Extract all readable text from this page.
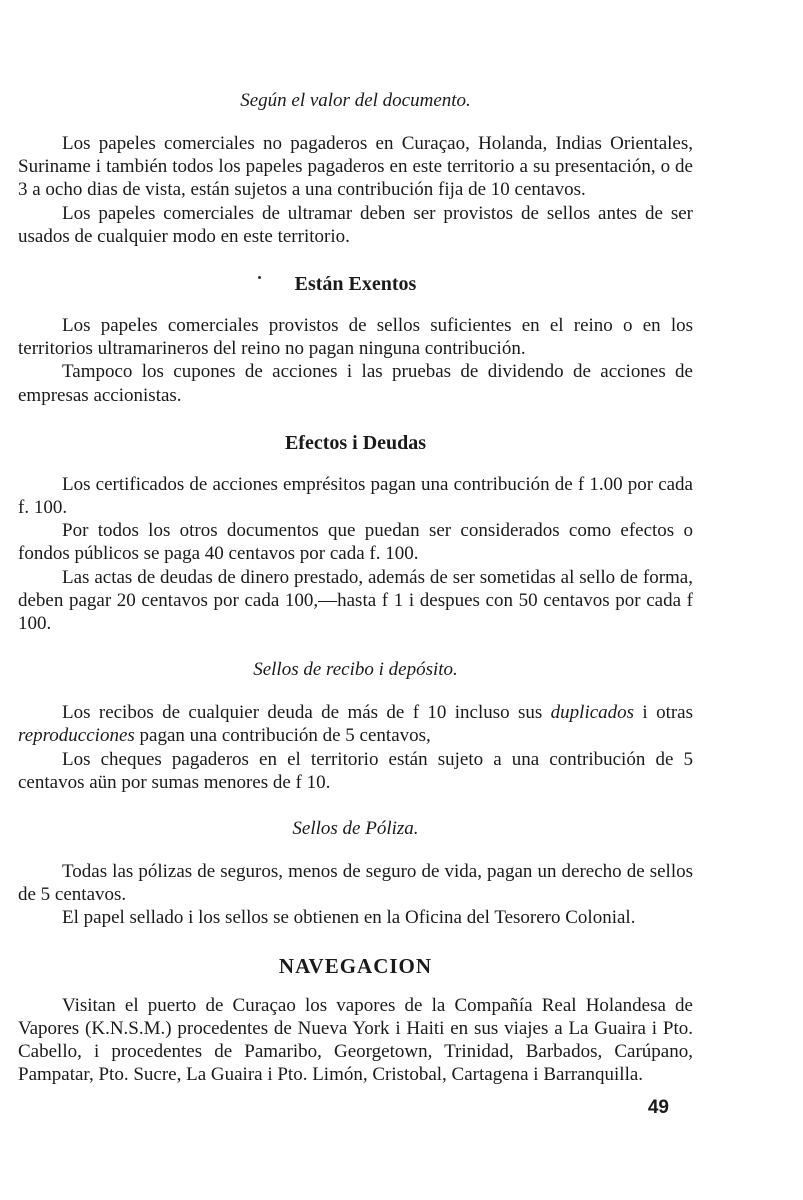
Según el valor del documento.

Los papeles comerciales no pagaderos en Curaçao, Holanda, Indias Orientales, Suriname i también todos los papeles pagaderos en este territorio a su presentación, o de 3 a ocho dias de vista, están sujetos a una contribución fija de 10 centavos.

Los papeles comerciales de ultramar deben ser provistos de sellos antes de ser usados de cualquier modo en este territorio.

Están Exentos

Los papeles comerciales provistos de sellos suficientes en el reino o en los territorios ultramarineros del reino no pagan ninguna contribución.

Tampoco los cupones de acciones i las pruebas de dividendo de acciones de empresas accionistas.

Efectos i Deudas

Los certificados de acciones emprésitos pagan una contribución de f 1.00 por cada f. 100.

Por todos los otros documentos que puedan ser considerados como efectos o fondos públicos se paga 40 centavos por cada f. 100.

Las actas de deudas de dinero prestado, además de ser sometidas al sello de forma, deben pagar 20 centavos por cada 100,—hasta f 1 i despues con 50 centavos por cada f 100.

Sellos de recibo i depósito.

Los recibos de cualquier deuda de más de f 10 incluso sus duplicados i otras reproducciones pagan una contribución de 5 centavos,

Los cheques pagaderos en el territorio están sujeto a una contribución de 5 centavos aün por sumas menores de f 10.

Sellos de Póliza.

Todas las pólizas de seguros, menos de seguro de vida, pagan un derecho de sellos de 5 centavos.

El papel sellado i los sellos se obtienen en la Oficina del Tesorero Colonial.

NAVEGACION

Visitan el puerto de Curaçao los vapores de la Compañía Real Holandesa de Vapores (K.N.S.M.) procedentes de Nueva York i Haiti en sus viajes a La Guaira i Pto. Cabello, i procedentes de Pamaribo, Georgetown, Trinidad, Barbados, Carúpano, Pampatar, Pto. Sucre, La Guaira i Pto. Limón, Cristobal, Cartagena i Barranquilla.

49
